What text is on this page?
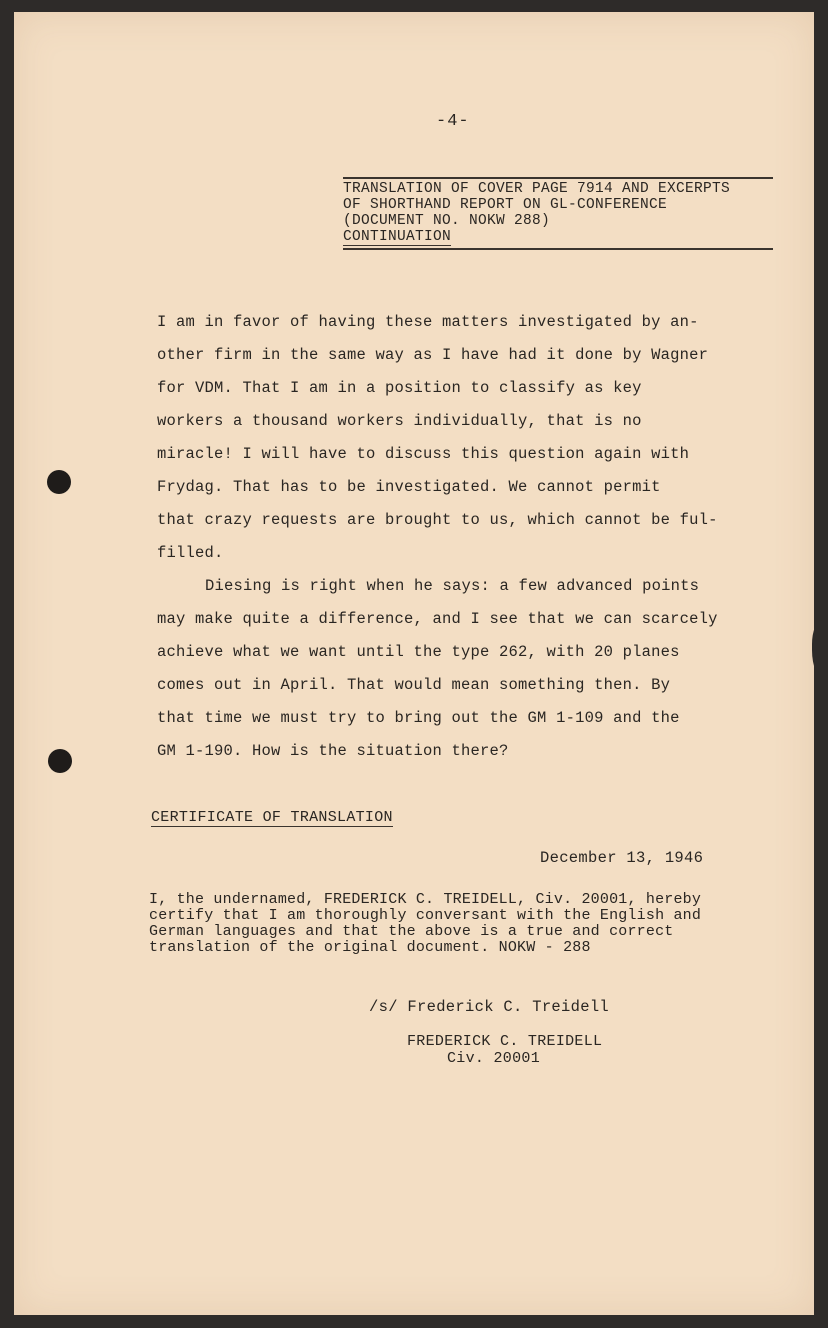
-4-
TRANSLATION OF COVER PAGE 7914 AND EXCERPTS
OF SHORTHAND REPORT ON GL-CONFERENCE
(DOCUMENT NO. NOKW 288)
CONTINUATION

I am in favor of having these matters investigated by an-
other firm in the same way as I have had it done by Wagner
for VDM. That I am in a position to classify as key
workers a thousand workers individually, that is no
miracle! I will have to discuss this question again with
Frydag. That has to be investigated. We cannot permit
that crazy requests are brought to us, which cannot be ful-
filled.

Diesing is right when he says: a few advanced points
may make quite a difference, and I see that we can scarcely
achieve what we want until the type 262, with 20 planes
comes out in April. That would mean something then. By
that time we must try to bring out the GM 1-109 and the
GM 1-190. How is the situation there?

CERTIFICATE OF TRANSLATION
December 13, 1946
I, the undernamed, FREDERICK C. TREIDELL, Civ. 20001, hereby
certify that I am thoroughly conversant with the English and
German languages and that the above is a true and correct
translation of the original document. NOKW - 288
/s/ Frederick C. Treidell
FREDERICK C. TREIDELL
Civ. 20001
